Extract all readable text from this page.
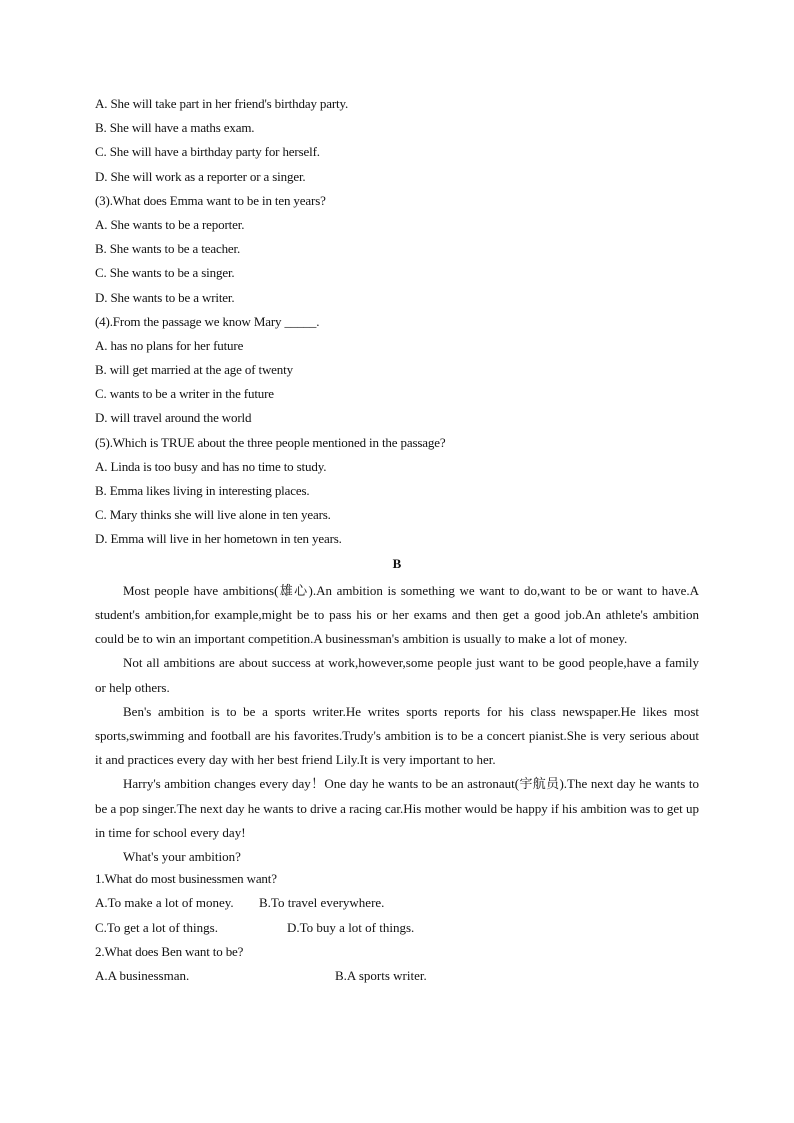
A. She will take part in her friend's birthday party.
B. She will have a maths exam.
C. She will have a birthday party for herself.
D. She will work as a reporter or a singer.
(3).What does Emma want to be in ten years?
A. She wants to be a reporter.
B. She wants to be a teacher.
C. She wants to be a singer.
D. She wants to be a writer.
(4).From the passage we know Mary _____.
A. has no plans for her future
B. will get married at the age of twenty
C. wants to be a writer in the future
D. will travel around the world
(5).Which is TRUE about the three people mentioned in the passage?
A. Linda is too busy and has no time to study.
B. Emma likes living in interesting places.
C. Mary thinks she will live alone in ten years.
D. Emma will live in her hometown in ten years.
B

Most people have ambitions(雄心).An ambition is something we want to do,want to be or want to have.A student's ambition,for example,might be to pass his or her exams and then get a good job.An athlete's ambition could be to win an important competition.A businessman's ambition is usually to make a lot of money.

Not all ambitions are about success at work,however,some people just want to be good people,have a family or help others.

Ben's ambition is to be a sports writer.He writes sports reports for his class newspaper.He likes most sports,swimming and football are his favorites.Trudy's ambition is to be a concert pianist.She is very serious about it and practices every day with her best friend Lily.It is very important to her.

Harry's ambition changes every day！One day he wants to be an astronaut(宇航员).The next day he wants to be a pop singer.The next day he wants to drive a racing car.His mother would be happy if his ambition was to get up in time for school every day!

What's your ambition?

1.What do most businessmen want?
A.To make a lot of money. B.To travel everywhere.
C.To get a lot of things.	D.To buy a lot of things.
2.What does Ben want to be?
A.A businessman.	B.A sports writer.
